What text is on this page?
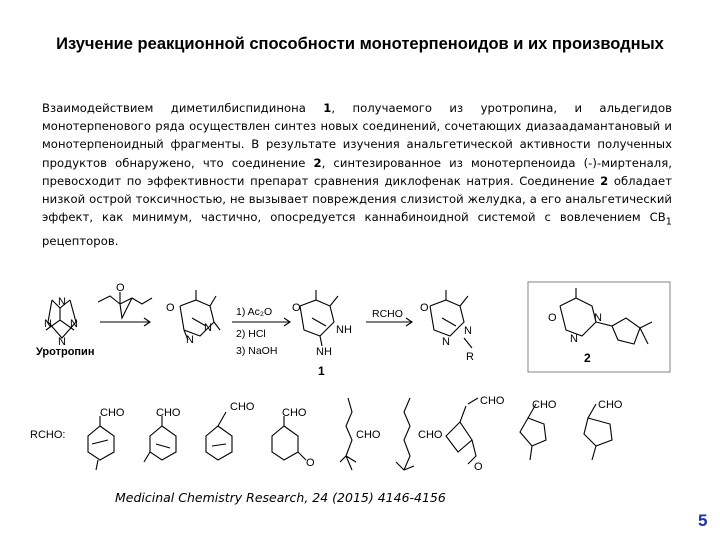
Изучение реакционной способности монотерпеноидов и их производных
Взаимодействием диметилбиспидинона 1, получаемого из уротропина, и альдегидов монотерпенового ряда осуществлен синтез новых соединений, сочетающих диазаадамантановый и монотерпеноидный фрагменты. В результате изучения анальгетической активности полученных продуктов обнаружено, что соединение 2, синтезированное из монотерпеноида (-)-миртеналя, превосходит по эффективности препарат сравнения диклофенак натрия. Соединение 2 обладает низкой острой токсичностью, не вызывает повреждения слизистой желудка, а его анальгетический эффект, как минимум, частично, опосредуется каннабиноидной системой с вовлечением $CB_1$ рецепторов.
Уротропин
N
N N
N
O
O
N
N
1) Ac₂O
2) HCl
3) NaOH
O
NH
NH
1
RCHO O
N
N
R
O	N
N
2
RCHO:
CHO	CHO	CHO	CHO
CHO	CHO
CHO	CHO	CHO
O	O
Medicinal Chemistry Research, 24 (2015) 4146-4156
5
